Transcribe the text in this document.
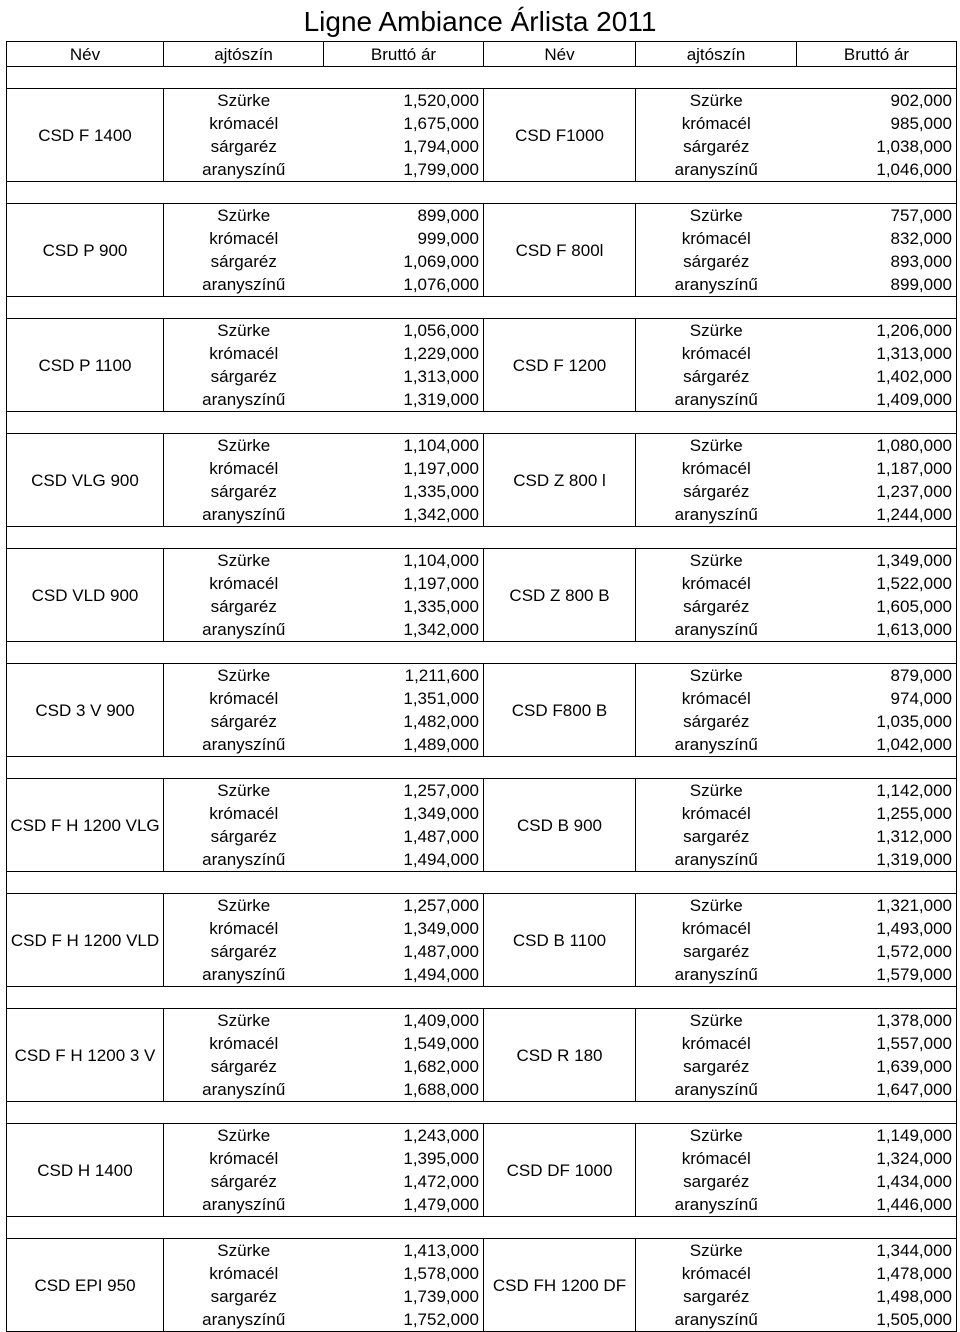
Ligne Ambiance Árlista 2011
Név	ajtószín	Bruttó ár	Név	ajtószín	Bruttó ár

CSD F 1400	Szürke	1,520,000	CSD F1000	Szürke	902,000
	krómacél	1,675,000		krómacél	985,000
	sárgaréz	1,794,000		sárgaréz	1,038,000
	aranyszínű	1,799,000		aranyszínű	1,046,000

CSD P 900	Szürke	899,000	CSD F 800l	Szürke	757,000
	krómacél	999,000		krómacél	832,000
	sárgaréz	1,069,000		sárgaréz	893,000
	aranyszínű	1,076,000		aranyszínű	899,000

CSD P 1100	Szürke	1,056,000	CSD F 1200	Szürke	1,206,000
	krómacél	1,229,000		krómacél	1,313,000
	sárgaréz	1,313,000		sárgaréz	1,402,000
	aranyszínű	1,319,000		aranyszínű	1,409,000

CSD VLG 900	Szürke	1,104,000	CSD Z 800 l	Szürke	1,080,000
	krómacél	1,197,000		krómacél	1,187,000
	sárgaréz	1,335,000		sárgaréz	1,237,000
	aranyszínű	1,342,000		aranyszínű	1,244,000

CSD VLD 900	Szürke	1,104,000	CSD Z 800 B	Szürke	1,349,000
	krómacél	1,197,000		krómacél	1,522,000
	sárgaréz	1,335,000		sárgaréz	1,605,000
	aranyszínű	1,342,000		aranyszínű	1,613,000

CSD 3 V 900	Szürke	1,211,600	CSD F800 B	Szürke	879,000
	krómacél	1,351,000		krómacél	974,000
	sárgaréz	1,482,000		sárgaréz	1,035,000
	aranyszínű	1,489,000		aranyszínű	1,042,000

CSD F H 1200 VLG	Szürke	1,257,000	CSD B 900	Szürke	1,142,000
	krómacél	1,349,000		krómacél	1,255,000
	sárgaréz	1,487,000		sargaréz	1,312,000
	aranyszínű	1,494,000		aranyszínű	1,319,000

CSD F H 1200 VLD	Szürke	1,257,000	CSD B 1100	Szürke	1,321,000
	krómacél	1,349,000		krómacél	1,493,000
	sárgaréz	1,487,000		sargaréz	1,572,000
	aranyszínű	1,494,000		aranyszínű	1,579,000

CSD F H 1200 3 V	Szürke	1,409,000	CSD R 180	Szürke	1,378,000
	krómacél	1,549,000		krómacél	1,557,000
	sárgaréz	1,682,000		sargaréz	1,639,000
	aranyszínű	1,688,000		aranyszínű	1,647,000

CSD H 1400	Szürke	1,243,000	CSD DF 1000	Szürke	1,149,000
	krómacél	1,395,000		krómacél	1,324,000
	sárgaréz	1,472,000		sargaréz	1,434,000
	aranyszínű	1,479,000		aranyszínű	1,446,000

CSD EPI 950	Szürke	1,413,000	CSD FH 1200 DF	Szürke	1,344,000
	krómacél	1,578,000		krómacél	1,478,000
	sargaréz	1,739,000		sargaréz	1,498,000
	aranyszínű	1,752,000		aranyszínű	1,505,000
